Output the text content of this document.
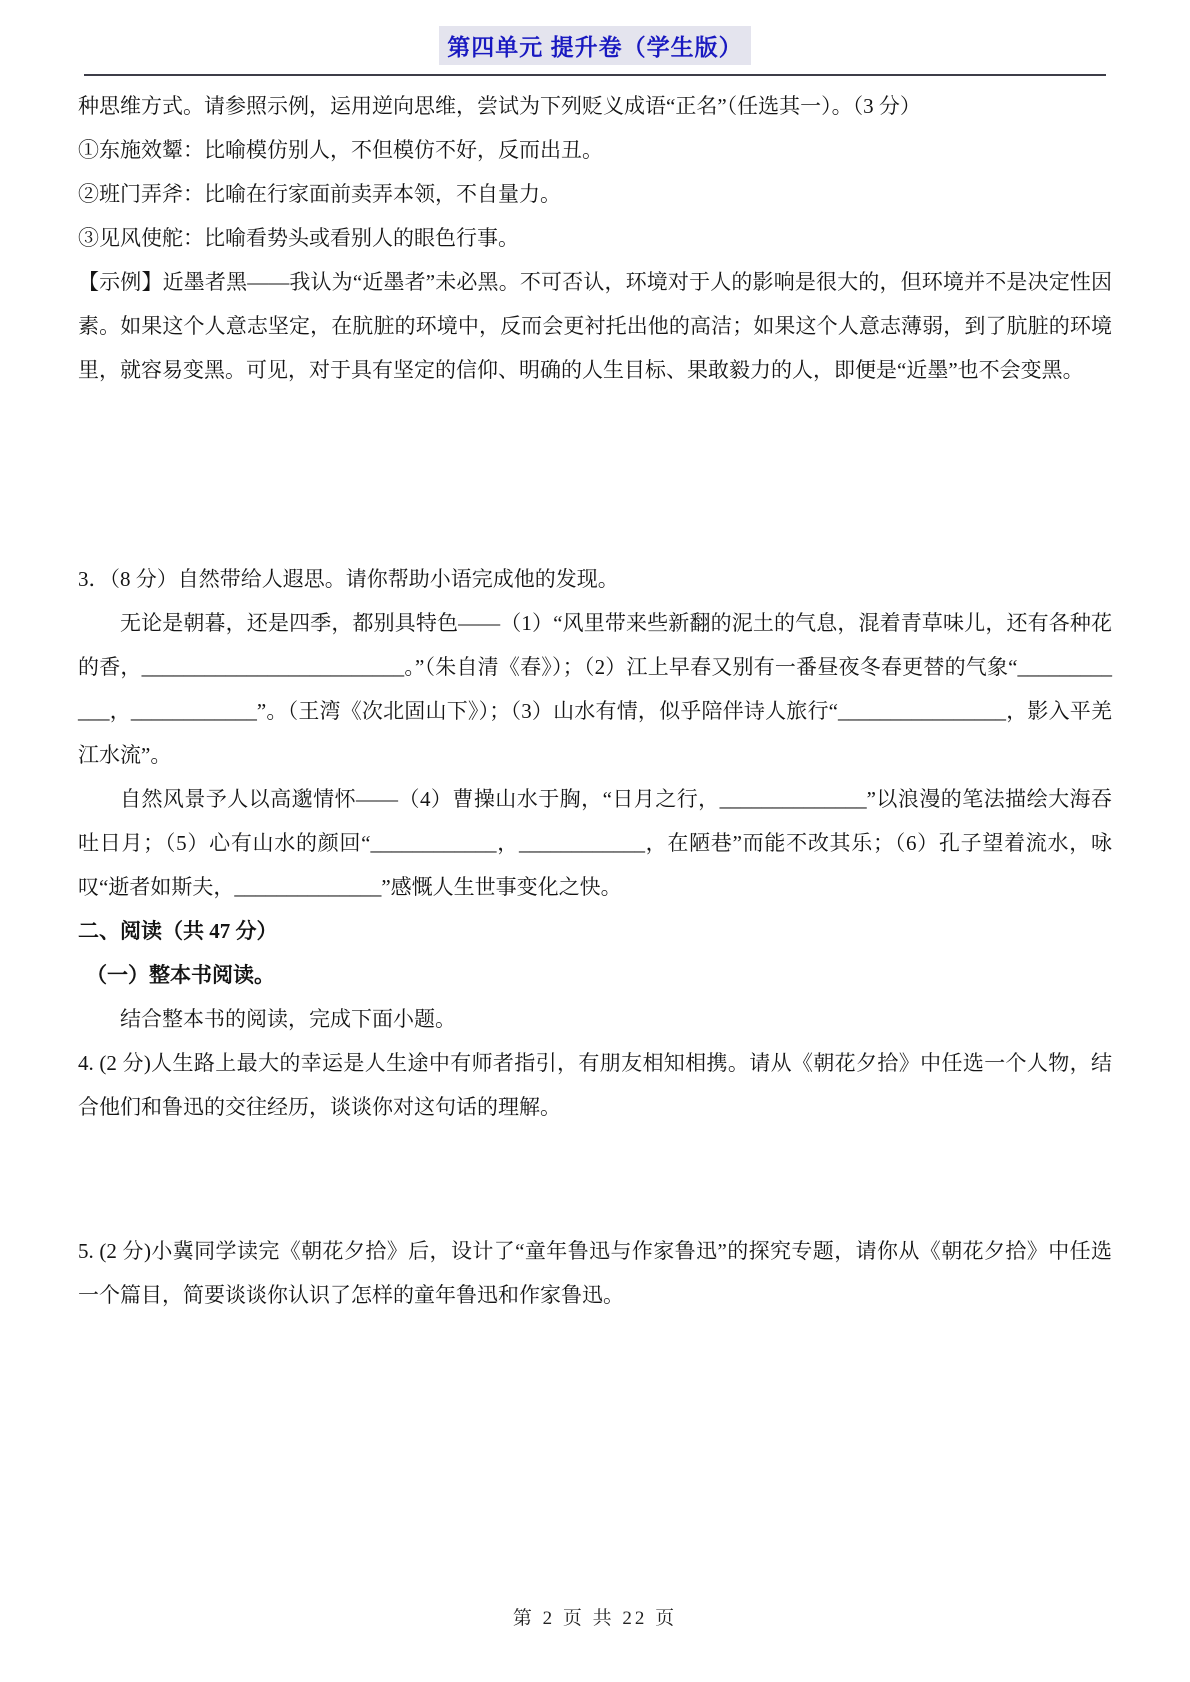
第四单元 提升卷（学生版）

种思维方式。请参照示例，运用逆向思维，尝试为下列贬义成语“正名”（任选其一）。（3 分）

①东施效颦：比喻模仿别人，不但模仿不好，反而出丑。

②班门弄斧：比喻在行家面前卖弄本领，不自量力。

③见风使舵：比喻看势头或看别人的眼色行事。

【示例】近墨者黑——我认为“近墨者”未必黑。不可否认，环境对于人的影响是很大的，但环境并不是决定性因素。如果这个人意志坚定，在肮脏的环境中，反而会更衬托出他的高洁；如果这个人意志薄弱，到了肮脏的环境里，就容易变黑。可见，对于具有坚定的信仰、明确的人生目标、果敢毅力的人，即便是“近墨”也不会变黑。

3．（8 分）自然带给人遐思。请你帮助小语完成他的发现。

无论是朝暮，还是四季，都别具特色——（1）“风里带来些新翻的泥土的气息，混着青草味儿，还有各种花的香，_________________________。”（朱自清《春》）；（2）江上早春又别有一番昼夜冬春更替的气象“____________，____________”。（王湾《次北固山下》）；（3）山水有情，似乎陪伴诗人旅行“________________，影入平羌江水流”。

自然风景予人以高邈情怀——（4）曹操山水于胸，“日月之行，______________”以浪漫的笔法描绘大海吞吐日月；（5）心有山水的颜回“____________，____________，在陋巷”而能不改其乐；（6）孔子望着流水，咏叹“逝者如斯夫，______________”感慨人生世事变化之快。

二、阅读（共 47 分）

（一）整本书阅读。

结合整本书的阅读，完成下面小题。

4. (2 分)人生路上最大的幸运是人生途中有师者指引，有朋友相知相携。请从《朝花夕拾》中任选一个人物，结合他们和鲁迅的交往经历，谈谈你对这句话的理解。

5. (2 分)小冀同学读完《朝花夕拾》后，设计了“童年鲁迅与作家鲁迅”的探究专题，请你从《朝花夕拾》中任选一个篇目，简要谈谈你认识了怎样的童年鲁迅和作家鲁迅。

第 2 页 共 22 页
